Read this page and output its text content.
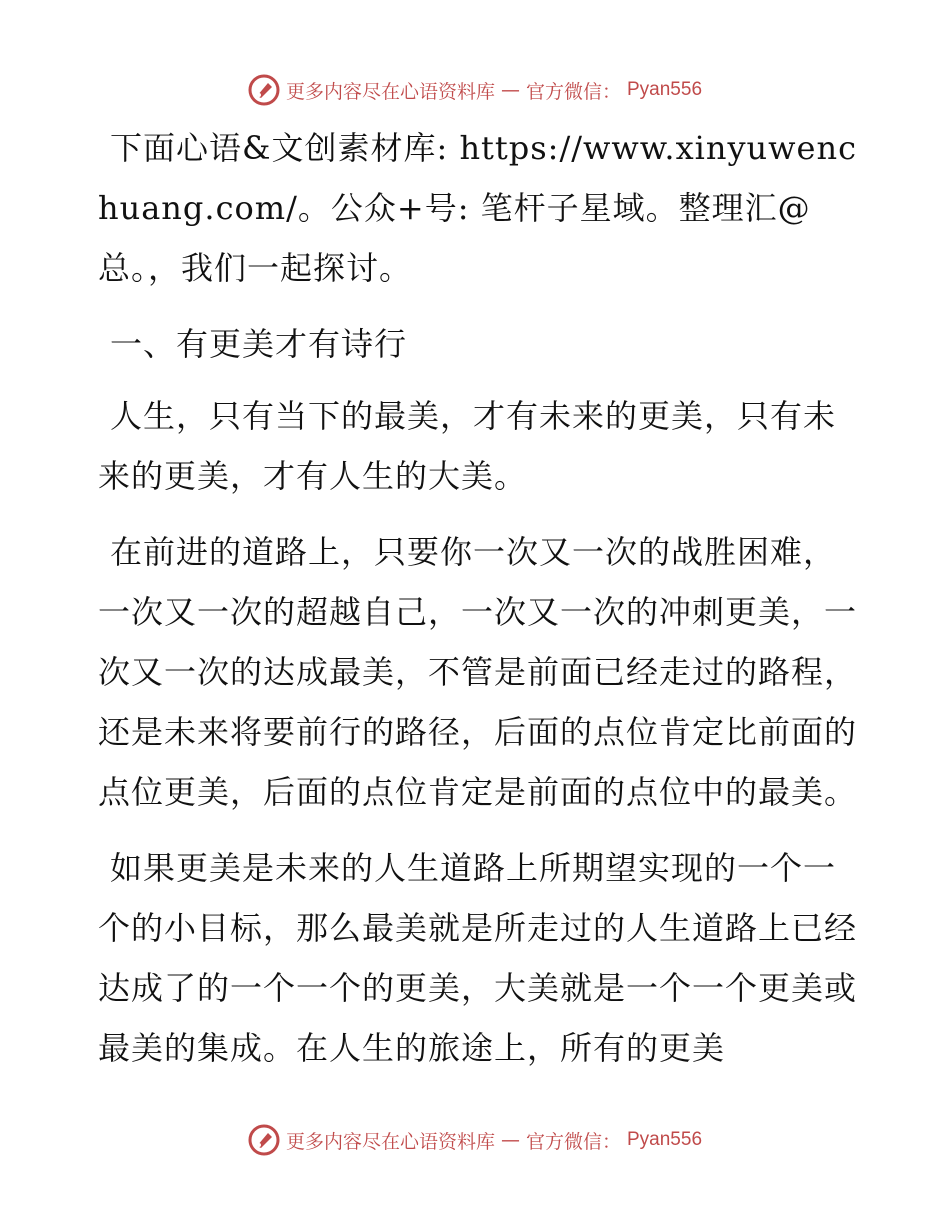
更多内容尽在心语资料库 — 官方微信： Pyan556

下面心语&文创素材库: https://www.xinyuwenchuang.com/。公众+号: 笔杆子星域。整理汇@总。，我们一起探讨。

一、有更美才有诗行

人生，只有当下的最美，才有未来的更美，只有未来的更美，才有人生的大美。

在前进的道路上，只要你一次又一次的战胜困难，一次又一次的超越自己，一次又一次的冲刺更美，一次又一次的达成最美，不管是前面已经走过的路程，还是未来将要前行的路径，后面的点位肯定比前面的点位更美，后面的点位肯定是前面的点位中的最美。

如果更美是未来的人生道路上所期望实现的一个一个的小目标，那么最美就是所走过的人生道路上已经达成了的一个一个的更美，大美就是一个一个更美或最美的集成。在人生的旅途上，所有的更美

更多内容尽在心语资料库 — 官方微信： Pyan556
